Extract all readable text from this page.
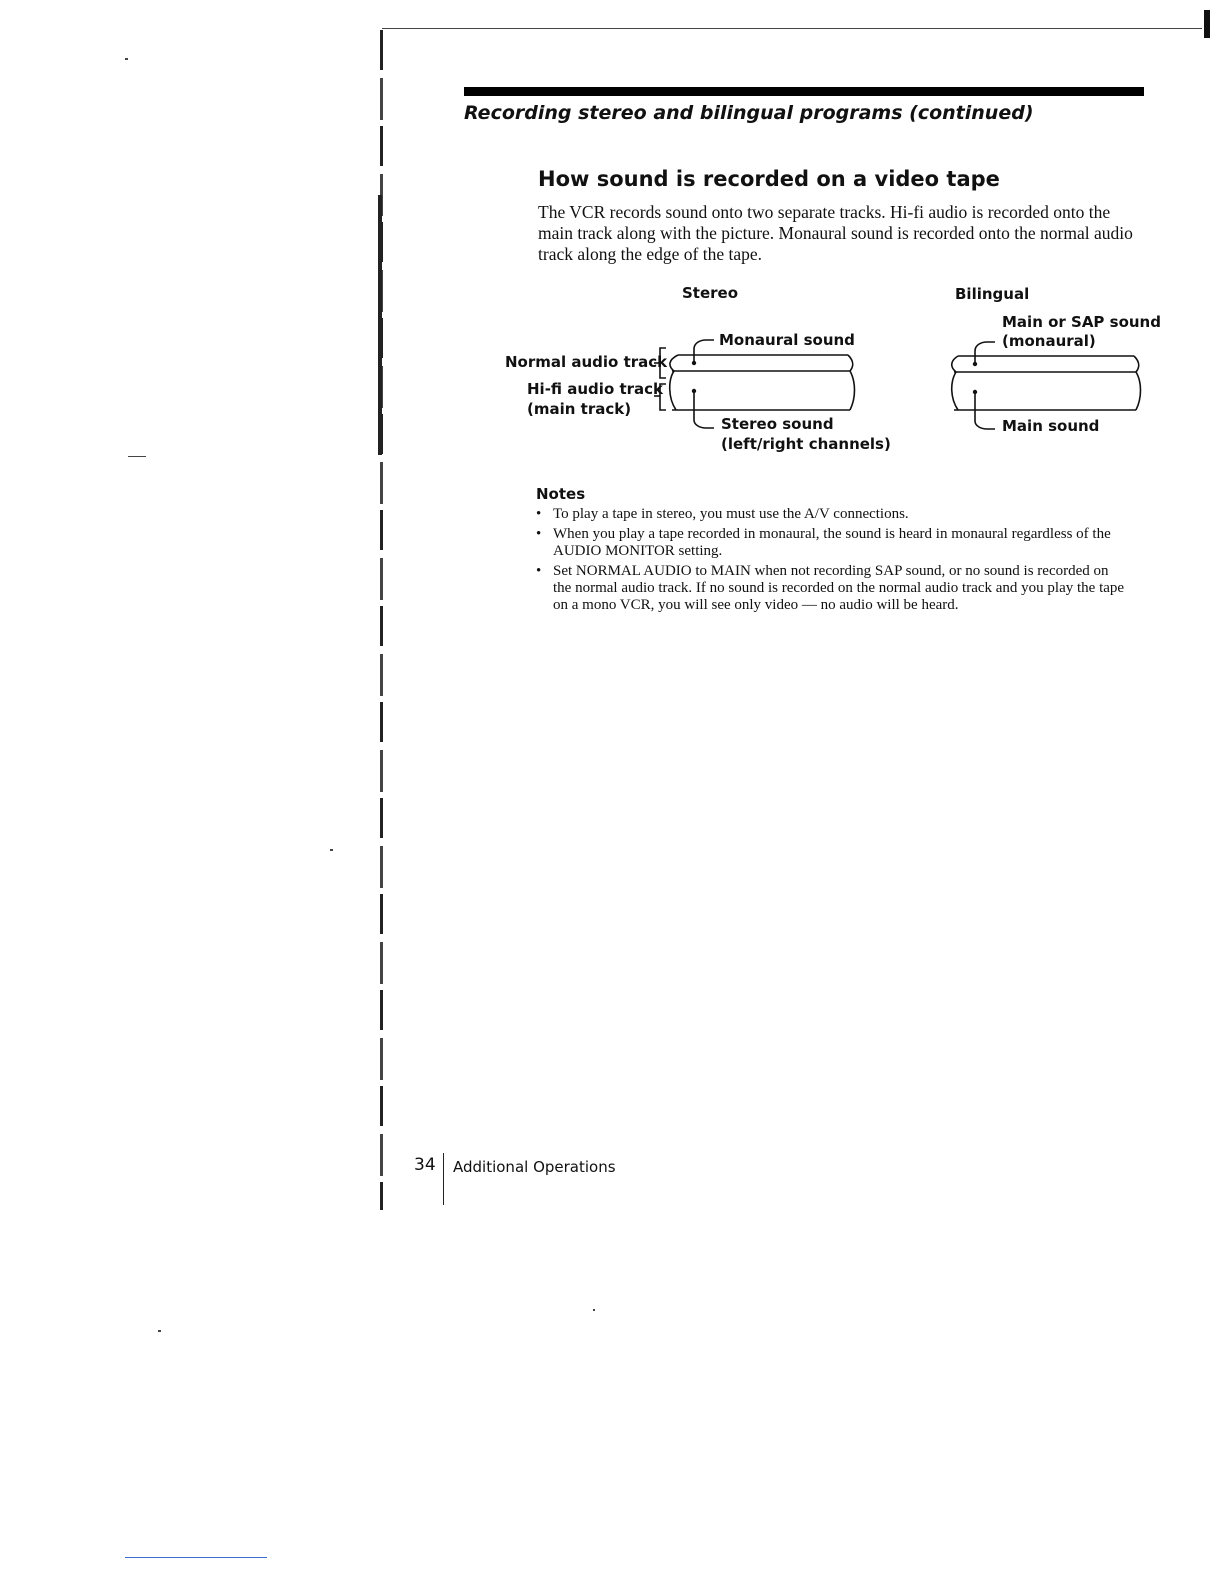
Recording stereo and bilingual programs (continued)
How sound is recorded on a video tape
The VCR records sound onto two separate tracks. Hi-fi audio is recorded onto the main track along with the picture. Monaural sound is recorded onto the normal audio track along the edge of the tape.
Stereo	Bilingual
Monaural sound
Normal audio track
Hi-fi audio track
(main track)
Stereo sound
(left/right channels)
Main or SAP sound
(monaural)
Main sound
Notes
• To play a tape in stereo, you must use the A/V connections.
• When you play a tape recorded in monaural, the sound is heard in monaural regardless of the AUDIO MONITOR setting.
• Set NORMAL AUDIO to MAIN when not recording SAP sound, or no sound is recorded on the normal audio track. If no sound is recorded on the normal audio track and you play the tape on a mono VCR, you will see only video — no audio will be heard.
34 Additional Operations
